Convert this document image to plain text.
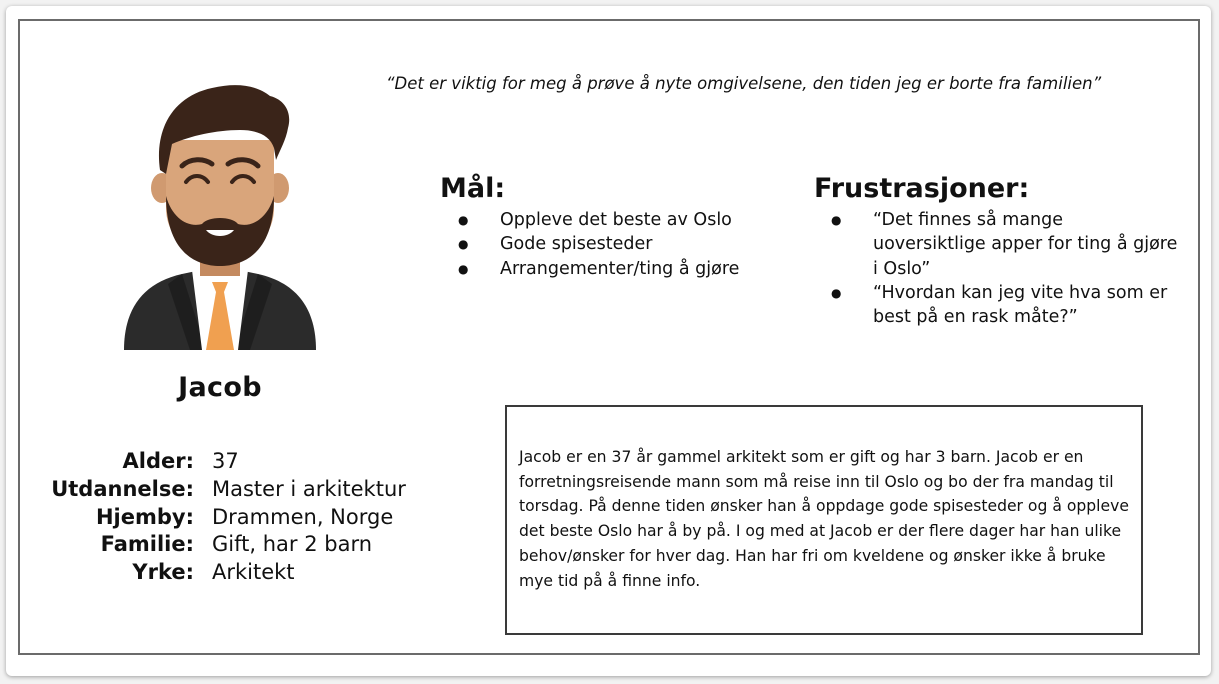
Jacob
Alder: 37
Utdannelse: Master i arkitektur
Hjemby: Drammen, Norge
Familie: Gift, har 2 barn
Yrke: Arkitekt
“Det er viktig for meg å prøve å nyte omgivelsene, den tiden jeg er borte fra familien”
Mål:
● Oppleve det beste av Oslo
● Gode spisesteder
● Arrangementer/ting å gjøre
Frustrasjoner:
● “Det finnes så mange uoversiktlige apper for ting å gjøre i Oslo”
● “Hvordan kan jeg vite hva som er best på en rask måte?”
Jacob er en 37 år gammel arkitekt som er gift og har 3 barn. Jacob er en forretningsreisende mann som må reise inn til Oslo og bo der fra mandag til torsdag. På denne tiden ønsker han å oppdage gode spisesteder og å oppleve det beste Oslo har å by på. I og med at Jacob er der flere dager har han ulike behov/ønsker for hver dag. Han har fri om kveldene og ønsker ikke å bruke mye tid på å finne info.
